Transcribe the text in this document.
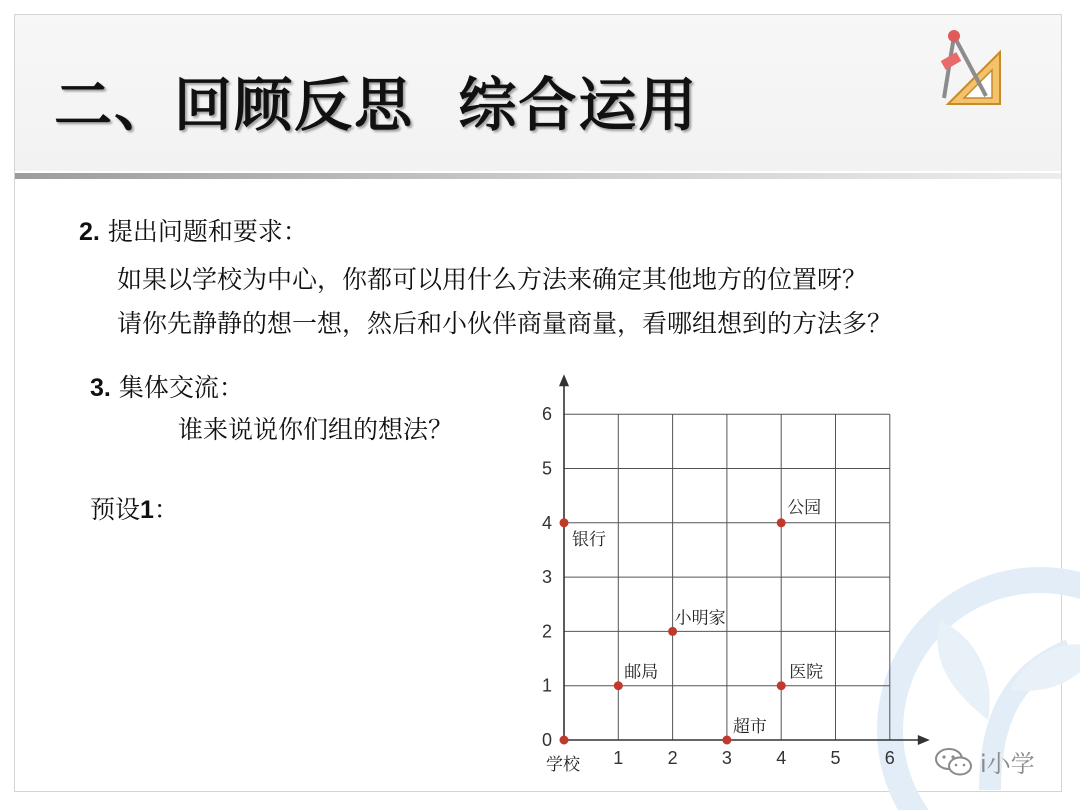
二、回顾反思  综合运用

2. 提出问题和要求：

如果以学校为中心，你都可以用什么方法来确定其他地方的位置呀？

请你先静静的想一想，然后和小伙伴商量商量，看哪组想到的方法多？

3. 集体交流：

谁来说说你们组的想法？

预设1：

1 2 3 4 5 6
0
1
2
3
4
5
6
学校
邮局
小明家
超市
医院
公园
银行
i小学
